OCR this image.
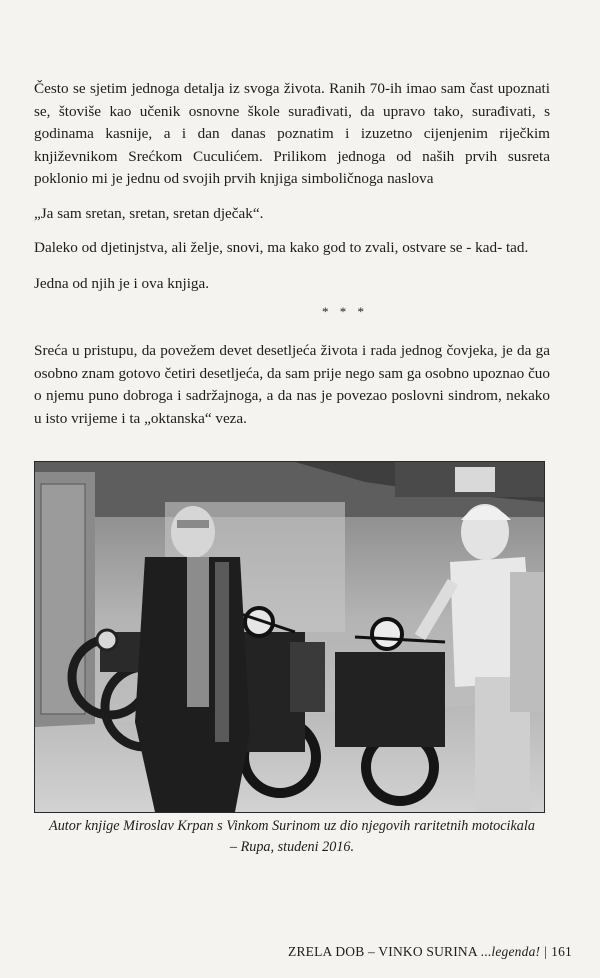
Često se sjetim jednoga detalja iz svoga života. Ranih 70-ih imao sam čast upoznati se, štoviše kao učenik osnovne škole surađivati, da upravo tako, surađivati, s godinama kasnije, a i dan danas poznatim i izuzetno cijenjenim riječkim književnikom Srećkom Cuculićem. Prilikom jednoga od naših prvih susreta poklonio mi je jednu od svojih prvih knjiga simboličnoga naslova

„Ja sam sretan, sretan, sretan dječak“.

Daleko od djetinjstva, ali želje, snovi, ma kako god to zvali, ostvare se - kad- tad.

Jedna od njih je i ova knjiga.

* * *

Sreća u pristupu, da povežem devet desetljeća života i rada jednog čovjeka, je da ga osobno znam gotovo četiri desetljeća, da sam prije nego sam ga osobno upoznao čuo o njemu puno dobroga i sadržajnoga, a da nas je povezao poslovni sindrom, nekako u isto vrijeme i ta „oktanska“ veza.

Autor knjige Miroslav Krpan s Vinkom Surinom uz dio njegovih raritetnih motocikala
– Rupa, studeni 2016.
ZRELA DOB – VINKO SURINA ...legenda! | 161
